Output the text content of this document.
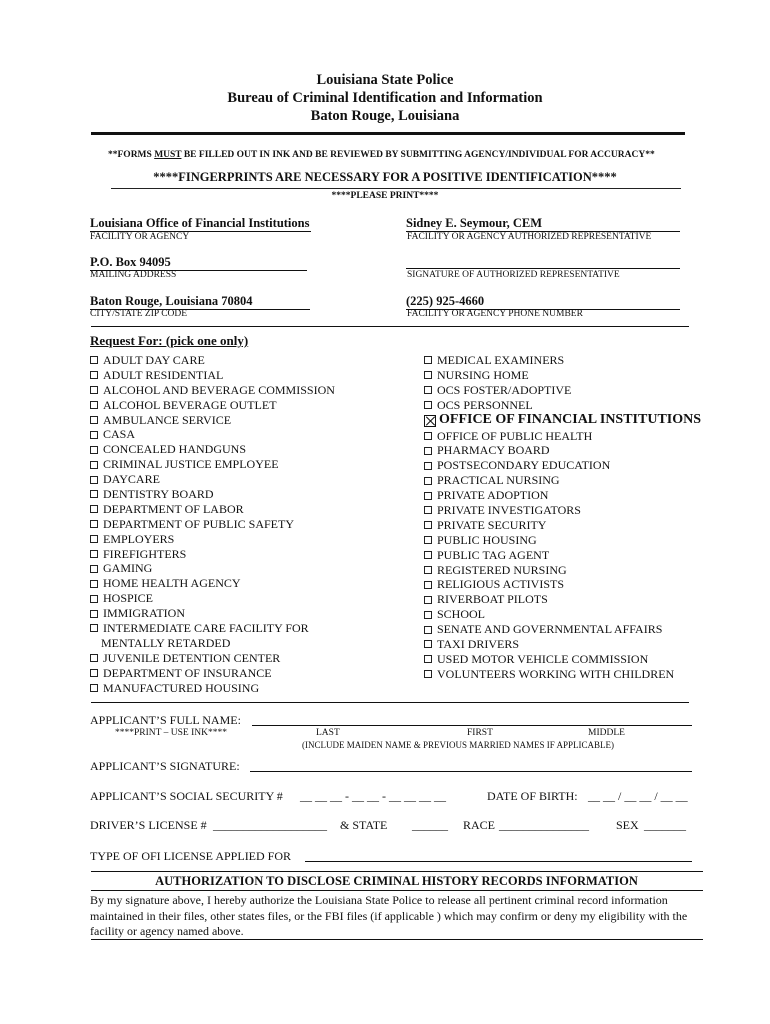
Louisiana State Police
Bureau of Criminal Identification and Information
Baton Rouge, Louisiana
**FORMS MUST BE FILLED OUT IN INK AND BE REVIEWED BY SUBMITTING AGENCY/INDIVIDUAL FOR ACCURACY**
****FINGERPRINTS ARE NECESSARY FOR A POSITIVE IDENTIFICATION****
****PLEASE PRINT****
Louisiana Office of Financial Institutions
FACILITY OR AGENCY
Sidney E. Seymour, CEM
FACILITY OR AGENCY AUTHORIZED REPRESENTATIVE
P.O. Box 94095
MAILING ADDRESS	SIGNATURE OF AUTHORIZED REPRESENTATIVE
Baton Rouge, Louisiana 70804
CITY/STATE ZIP CODE
(225) 925-4660
FACILITY OR AGENCY PHONE NUMBER
Request For: (pick one only)
ADULT DAY CARE
ADULT RESIDENTIAL
ALCOHOL AND BEVERAGE COMMISSION
ALCOHOL BEVERAGE OUTLET
AMBULANCE SERVICE
CASA
CONCEALED HANDGUNS
CRIMINAL JUSTICE EMPLOYEE
DAYCARE
DENTISTRY BOARD
DEPARTMENT OF LABOR
DEPARTMENT OF PUBLIC SAFETY
EMPLOYERS
FIREFIGHTERS
GAMING
HOME HEALTH AGENCY
HOSPICE
IMMIGRATION
INTERMEDIATE CARE FACILITY FOR
MENTALLY RETARDED
JUVENILE DETENTION CENTER
DEPARTMENT OF INSURANCE
MANUFACTURED HOUSING
MEDICAL EXAMINERS
NURSING HOME
OCS FOSTER/ADOPTIVE
OCS PERSONNEL
OFFICE OF FINANCIAL INSTITUTIONS
OFFICE OF PUBLIC HEALTH
PHARMACY BOARD
POSTSECONDARY EDUCATION
PRACTICAL NURSING
PRIVATE ADOPTION
PRIVATE INVESTIGATORS
PRIVATE SECURITY
PUBLIC HOUSING
PUBLIC TAG AGENT
REGISTERED NURSING
RELIGIOUS ACTIVISTS
RIVERBOAT PILOTS
SCHOOL
SENATE AND GOVERNMENTAL AFFAIRS
TAXI DRIVERS
USED MOTOR VEHICLE COMMISSION
VOLUNTEERS WORKING WITH CHILDREN
APPLICANT’S FULL NAME:
****PRINT – USE INK****	LAST	FIRST	MIDDLE
(INCLUDE MAIDEN NAME & PREVIOUS MARRIED NAMES IF APPLICABLE)
APPLICANT’S SIGNATURE:
APPLICANT’S SOCIAL SECURITY # __ __ __ - __ __ - __ __ __ __	DATE OF BIRTH: __ __ / __ __ / __ __
DRIVER’S LICENSE # ___________________ & STATE ______ RACE ____ ___________ SEX _______
TYPE OF OFI LICENSE APPLIED FOR
AUTHORIZATION TO DISCLOSE CRIMINAL HISTORY RECORDS INFORMATION
By my signature above, I hereby authorize the Louisiana State Police to release all pertinent criminal record information maintained in their files, other states files, or the FBI files (if applicable ) which may confirm or deny my eligibility with the facility or agency named above.
